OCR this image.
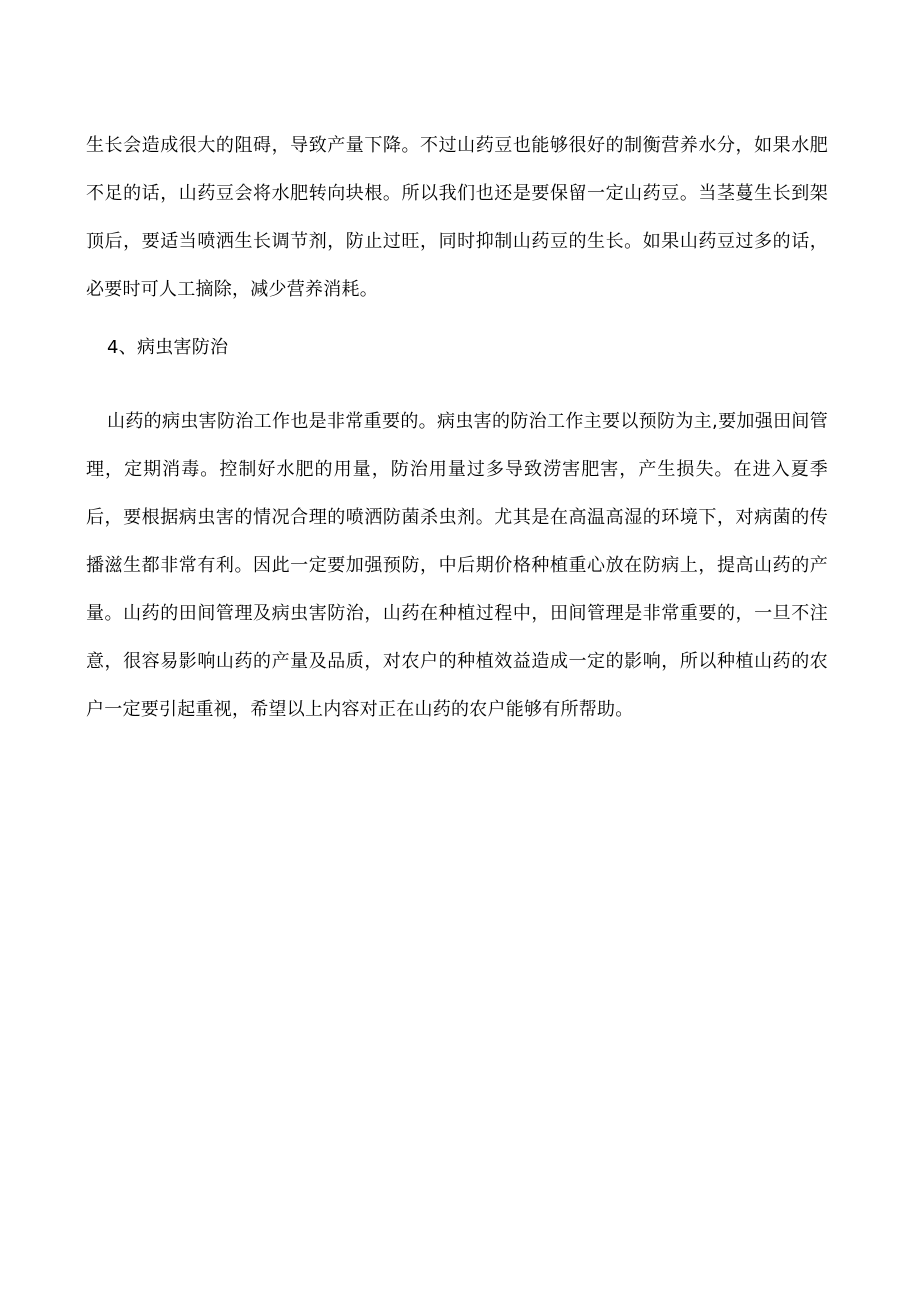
生长会造成很大的阻碍，导致产量下降。不过山药豆也能够很好的制衡营养水分，如果水肥不足的话，山药豆会将水肥转向块根。所以我们也还是要保留一定山药豆。当茎蔓生长到架顶后，要适当喷洒生长调节剂，防止过旺，同时抑制山药豆的生长。如果山药豆过多的话，必要时可人工摘除，减少营养消耗。

4、病虫害防治

山药的病虫害防治工作也是非常重要的。病虫害的防治工作主要以预防为主,要加强田间管理，定期消毒。控制好水肥的用量，防治用量过多导致涝害肥害，产生损失。在进入夏季后，要根据病虫害的情况合理的喷洒防菌杀虫剂。尤其是在高温高湿的环境下，对病菌的传播滋生都非常有利。因此一定要加强预防，中后期价格种植重心放在防病上，提高山药的产量。山药的田间管理及病虫害防治，山药在种植过程中，田间管理是非常重要的，一旦不注意，很容易影响山药的产量及品质，对农户的种植效益造成一定的影响，所以种植山药的农户一定要引起重视，希望以上内容对正在山药的农户能够有所帮助。
